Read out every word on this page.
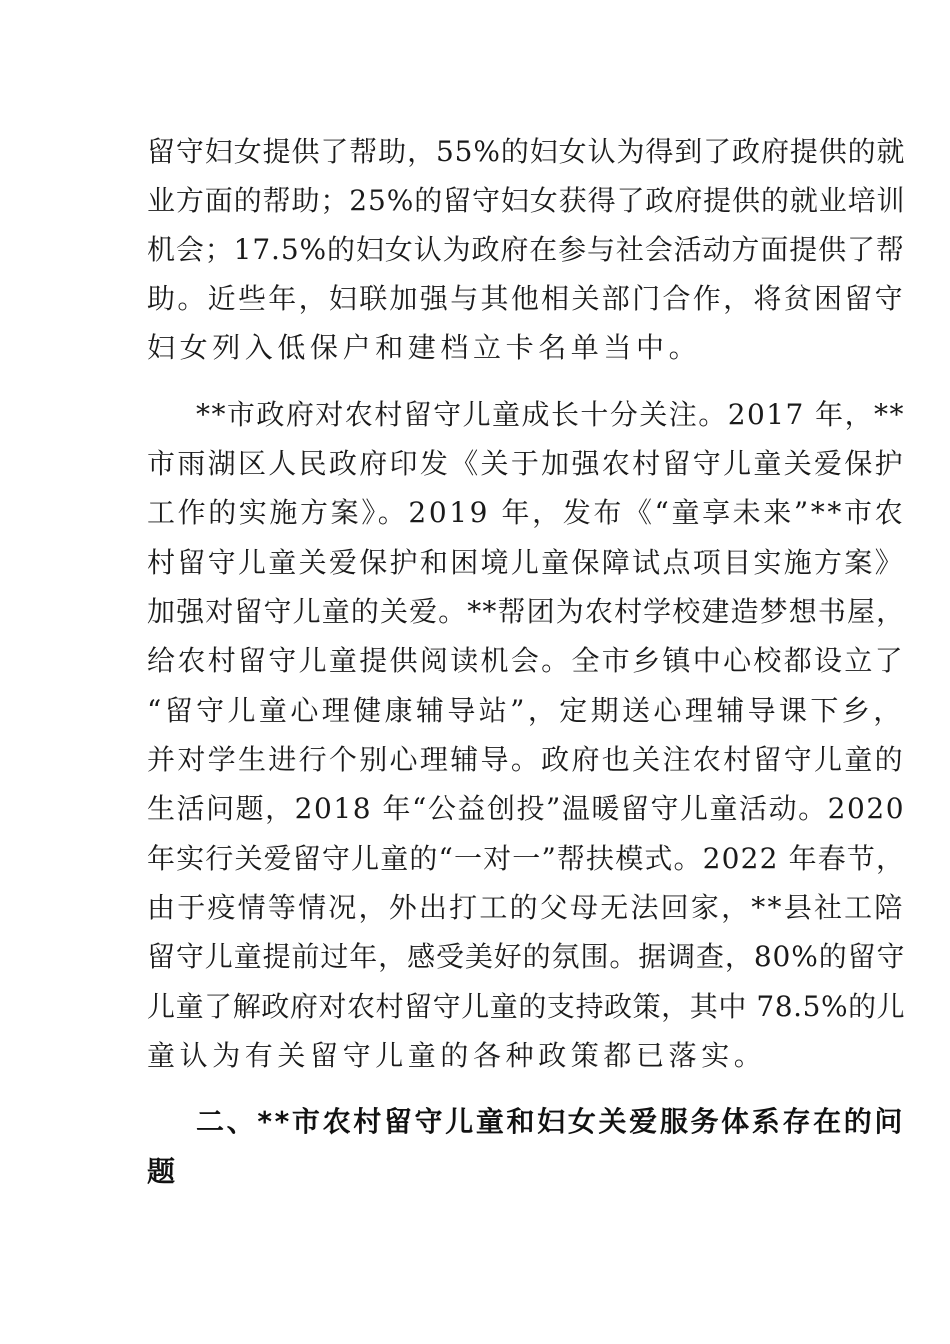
留守妇女提供了帮助，55%的妇女认为得到了政府提供的就
业方面的帮助；25%的留守妇女获得了政府提供的就业培训
机会；17.5%的妇女认为政府在参与社会活动方面提供了帮
助。近些年，妇联加强与其他相关部门合作，将贫困留守
妇女列入低保户和建档立卡名单当中。
**市政府对农村留守儿童成长十分关注。2017 年，**
市雨湖区人民政府印发《关于加强农村留守儿童关爱保护
工作的实施方案》。2019 年，发布《“童享未来”**市农
村留守儿童关爱保护和困境儿童保障试点项目实施方案》
加强对留守儿童的关爱。**帮团为农村学校建造梦想书屋，
给农村留守儿童提供阅读机会。全市乡镇中心校都设立了
“留守儿童心理健康辅导站”，定期送心理辅导课下乡，
并对学生进行个别心理辅导。政府也关注农村留守儿童的
生活问题，2018 年“公益创投”温暖留守儿童活动。2020
年实行关爱留守儿童的“一对一”帮扶模式。2022 年春节，
由于疫情等情况，外出打工的父母无法回家，**县社工陪
留守儿童提前过年，感受美好的氛围。据调查，80%的留守
儿童了解政府对农村留守儿童的支持政策，其中 78.5%的儿
童认为有关留守儿童的各种政策都已落实。
二、**市农村留守儿童和妇女关爱服务体系存在的问
题
